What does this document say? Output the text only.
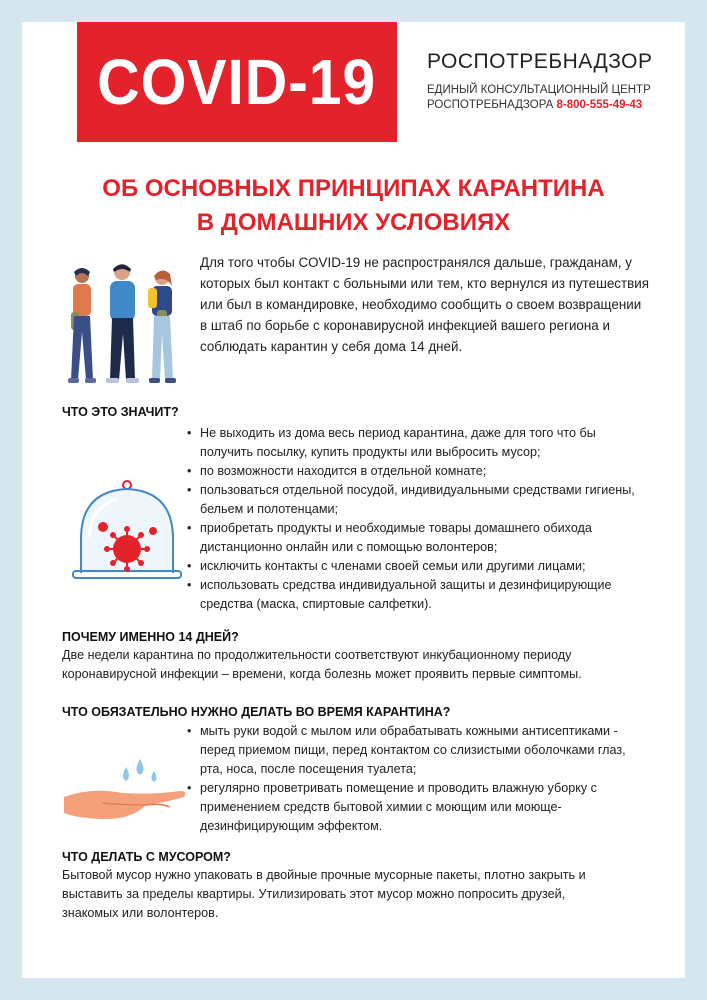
COVID-19 РОСПОТРЕБНАДЗОР
ЕДИНЫЙ КОНСУЛЬТАЦИОННЫЙ ЦЕНТР
РОСПОТРЕБНАДЗОРА 8-800-555-49-43
ОБ ОСНОВНЫХ ПРИНЦИПАХ КАРАНТИНА
В ДОМАШНИХ УСЛОВИЯХ
Для того чтобы COVID-19 не распространялся дальше, гражданам, у которых был контакт с больными или тем, кто вернулся из путешествия или был в командировке, необходимо сообщить о своем возвращении в штаб по борьбе с коронавирусной инфекцией вашего региона и соблюдать карантин у себя дома 14 дней.
ЧТО ЭТО ЗНАЧИТ?
• Не выходить из дома весь период карантина, даже для того что бы получить посылку, купить продукты или выбросить мусор;
• по возможности находится в отдельной комнате;
• пользоваться отдельной посудой, индивидуальными средствами гигиены, бельем и полотенцами;
• приобретать продукты и необходимые товары домашнего обихода дистанционно онлайн или с помощью волонтеров;
• исключить контакты с членами своей семьи или другими лицами;
• использовать средства индивидуальной защиты и дезинфицирующие средства (маска, спиртовые салфетки).
ПОЧЕМУ ИМЕННО 14 ДНЕЙ?
Две недели карантина по продолжительности соответствуют инкубационному периоду коронавирусной инфекции – времени, когда болезнь может проявить первые симптомы.
ЧТО ОБЯЗАТЕЛЬНО НУЖНО ДЕЛАТЬ ВО ВРЕМЯ КАРАНТИНА?
• мыть руки водой с мылом или обрабатывать кожными антисептиками - перед приемом пищи, перед контактом со слизистыми оболочками глаз, рта, носа, после посещения туалета;
• регулярно проветривать помещение и проводить влажную уборку с применением средств бытовой химии с моющим или моюще-дезинфицирующим эффектом.
ЧТО ДЕЛАТЬ С МУСОРОМ?
Бытовой мусор нужно упаковать в двойные прочные мусорные пакеты, плотно закрыть и выставить за пределы квартиры. Утилизировать этот мусор можно попросить друзей, знакомых или волонтеров.
